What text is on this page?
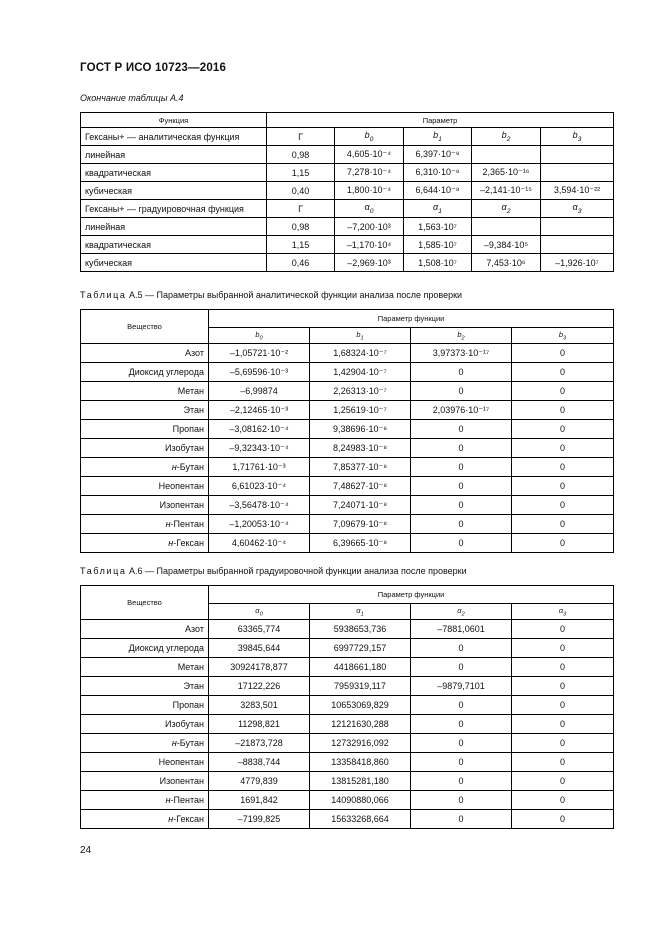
ГОСТ Р ИСО 10723—2016
Окончание таблицы А.4
Функция	Параметр				
Гексаны+ — аналитическая функция	Г	$b_0$	$b_1$	$b_2$	$b_3$
линейная	0,98	4,605·10⁻⁴	6,397·10⁻⁸		
квадратическая	1,15	7,278·10⁻⁴	6,310·10⁻⁸	2,365·10⁻¹⁶	
кубическая	0,40	1,800·10⁻⁴	6,644·10⁻⁸	–2,141·10⁻¹⁵	3,594·10⁻²²
Гексаны+ — градуировочная функция	Г	$\alpha_0$	$\alpha_1$	$\alpha_2$	$\alpha_3$
линейная	0,98	–7,200·10³	1,563·10⁷		
квадратическая	1,15	–1,170·10⁴	1,585·10⁷	–9,384·10⁵	
кубическая	0,46	–2,969·10³	1,508·10⁷	7,453·10⁶	–1,926·10⁷
Таблица А.5 — Параметры выбранной аналитической функции анализа после проверки
Вещество	Параметр функции			
	$b_0$	$b_1$	$b_2$	$b_3$
Азот	–1,05721·10⁻²	1,68324·10⁻⁷	3,97373·10⁻¹⁷	0
Диоксид углерода	–5,69596·10⁻³	1,42904·10⁻⁷	0	0
Метан	–6,99874	2,26313·10⁻⁷	0	0
Этан	–2,12465·10⁻³	1,25619·10⁻⁷	2,03976·10⁻¹⁷	0
Пропан	–3,08162·10⁻⁴	9,38696·10⁻⁸	0	0
Изобутан	–9,32343·10⁻⁴	8,24983·10⁻⁸	0	0
н-Бутан	1,71761·10⁻³	7,85377·10⁻⁸	0	0
Неопентан	6,61023·10⁻⁴	7,48627·10⁻⁸	0	0
Изопентан	–3,56478·10⁻⁴	7,24071·10⁻⁸	0	0
н-Пентан	–1,20053·10⁻⁴	7,09679·10⁻⁸	0	0
н-Гексан	4,60462·10⁻⁴	6,39665·10⁻⁸	0	0
Таблица А.6 — Параметры выбранной градуировочной функции анализа после проверки
Вещество	Параметр функции			
	$\alpha_0$	$\alpha_1$	$\alpha_2$	$\alpha_3$
Азот	63365,774	5938653,736	–7881,0601	0
Диоксид углерода	39845,644	6997729,157	0	0
Метан	30924178,877	4418661,180	0	0
Этан	17122,226	7959319,117	–9879,7101	0
Пропан	3283,501	10653069,829	0	0
Изобутан	11298,821	12121630,288	0	0
н-Бутан	–21873,728	12732916,092	0	0
Неопентан	–8838,744	13358418,860	0	0
Изопентан	4779,839	13815281,180	0	0
н-Пентан	1691,842	14090880,066	0	0
н-Гексан	–7199,825	15633268,664	0	0
24
